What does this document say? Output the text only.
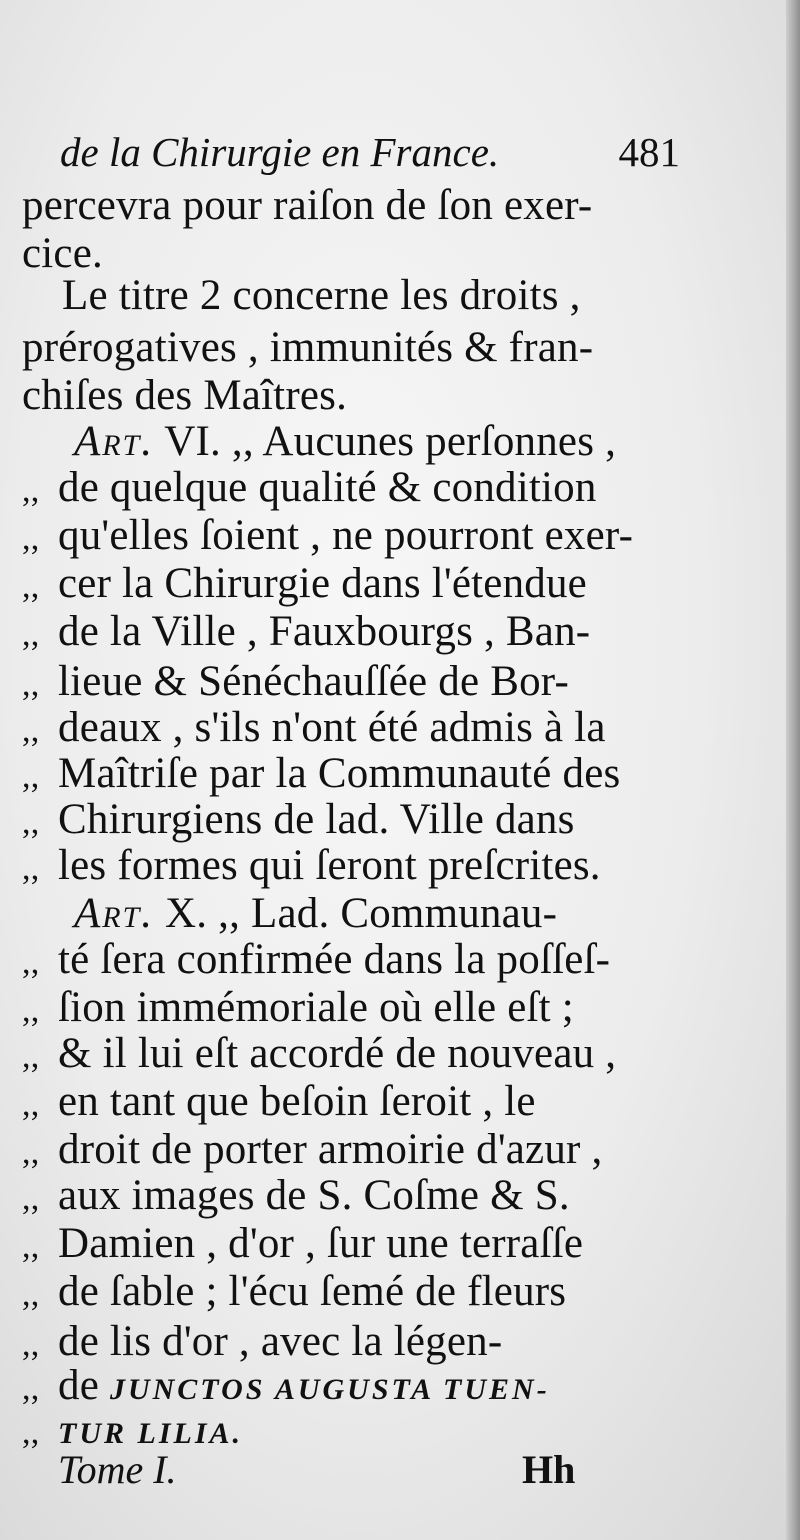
de la Chirurgie en France.	481
percevra pour raiſon de ſon exer-
cice.
Le titre 2 concerne les droits ,
prérogatives , immunités & fran-
chiſes des Maîtres.
Art. VI. ,, Aucunes perſonnes ,
,, de quelque qualité & condition
,, qu'elles ſoient , ne pourront exer-
,, cer la Chirurgie dans l'étendue
,, de la Ville , Fauxbourgs , Ban-
,, lieue & Sénéchauſſée de Bor-
,, deaux , s'ils n'ont été admis à la
,, Maîtriſe par la Communauté des
,, Chirurgiens de lad. Ville dans
,, les formes qui ſeront preſcrites.
Art. X. ,, Lad. Communau-
,, té ſera confirmée dans la poſſeſ-
,, ſion immémoriale où elle eſt ;
,, & il lui eſt accordé de nouveau ,
,, en tant que beſoin ſeroit , le
,, droit de porter armoirie d'azur ,
,, aux images de S. Coſme & S.
,, Damien , d'or , ſur une terraſſe
,, de ſable ; l'écu ſemé de fleurs
,, de lis d'or , avec la légen-
,, de JUNCTOS AUGUSTA TUEN-
,, TUR LILIA.
Tome I.	Hh
